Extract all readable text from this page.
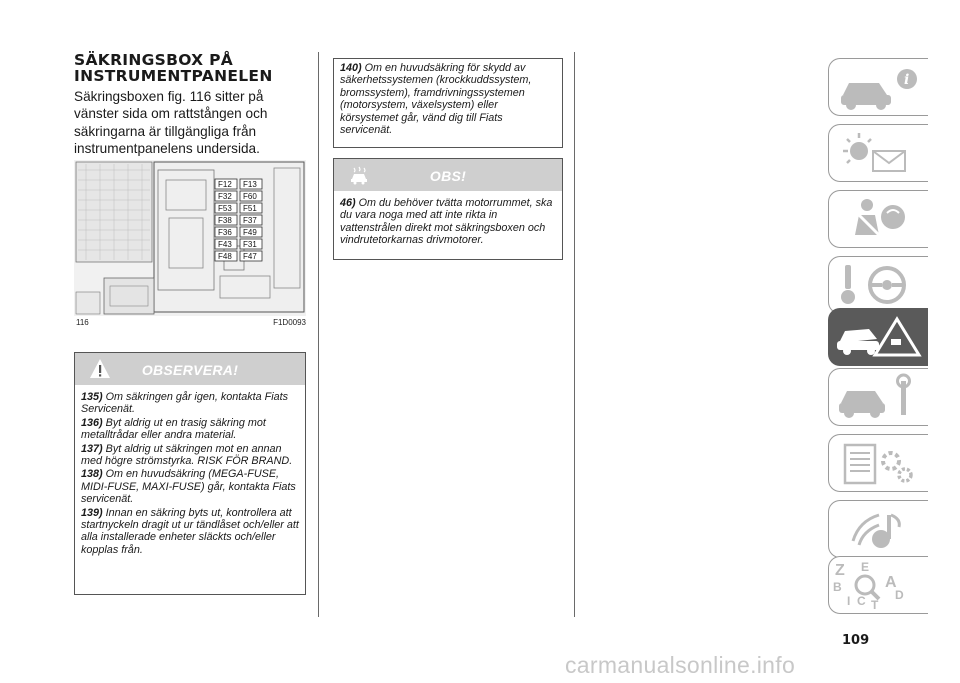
SÄKRINGSBOX PÅ
INSTRUMENTPANELEN

Säkringsboxen fig. 116 sitter på vänster sida om rattstången och säkringarna är tillgängliga från instrumentpanelens undersida.

F12 F13
F32 F60
F53 F51
F38 F37
F36 F49
F43 F31
F48 F47
116	F1D0093
OBSERVERA!

135) Om säkringen går igen, kontakta Fiats Servicenät.

136) Byt aldrig ut en trasig säkring mot metalltrådar eller andra material.

137) Byt aldrig ut säkringen mot en annan med högre strömstyrka. RISK FÖR BRAND.

138) Om en huvudsäkring (MEGA-FUSE, MIDI-FUSE, MAXI-FUSE) går, kontakta Fiats servicenät.

139) Innan en säkring byts ut, kontrollera att startnyckeln dragit ut ur tändlåset och/eller att alla installerade enheter släckts och/eller kopplas från.

140) Om en huvudsäkring för skydd av säkerhetssystemen (krockkuddssystem, bromssystem), framdrivningssystemen (motorsystem, växelsystem) eller körsystemet går, vänd dig till Fiats servicenät.

OBS!

46) Om du behöver tvätta motorrummet, ska du vara noga med att inte rikta in vattenstrålen direkt mot säkringsboxen och vindrutetorkarnas drivmotorer.

i
Z E
A
B
I C T
D
109
carmanualsonline.info
